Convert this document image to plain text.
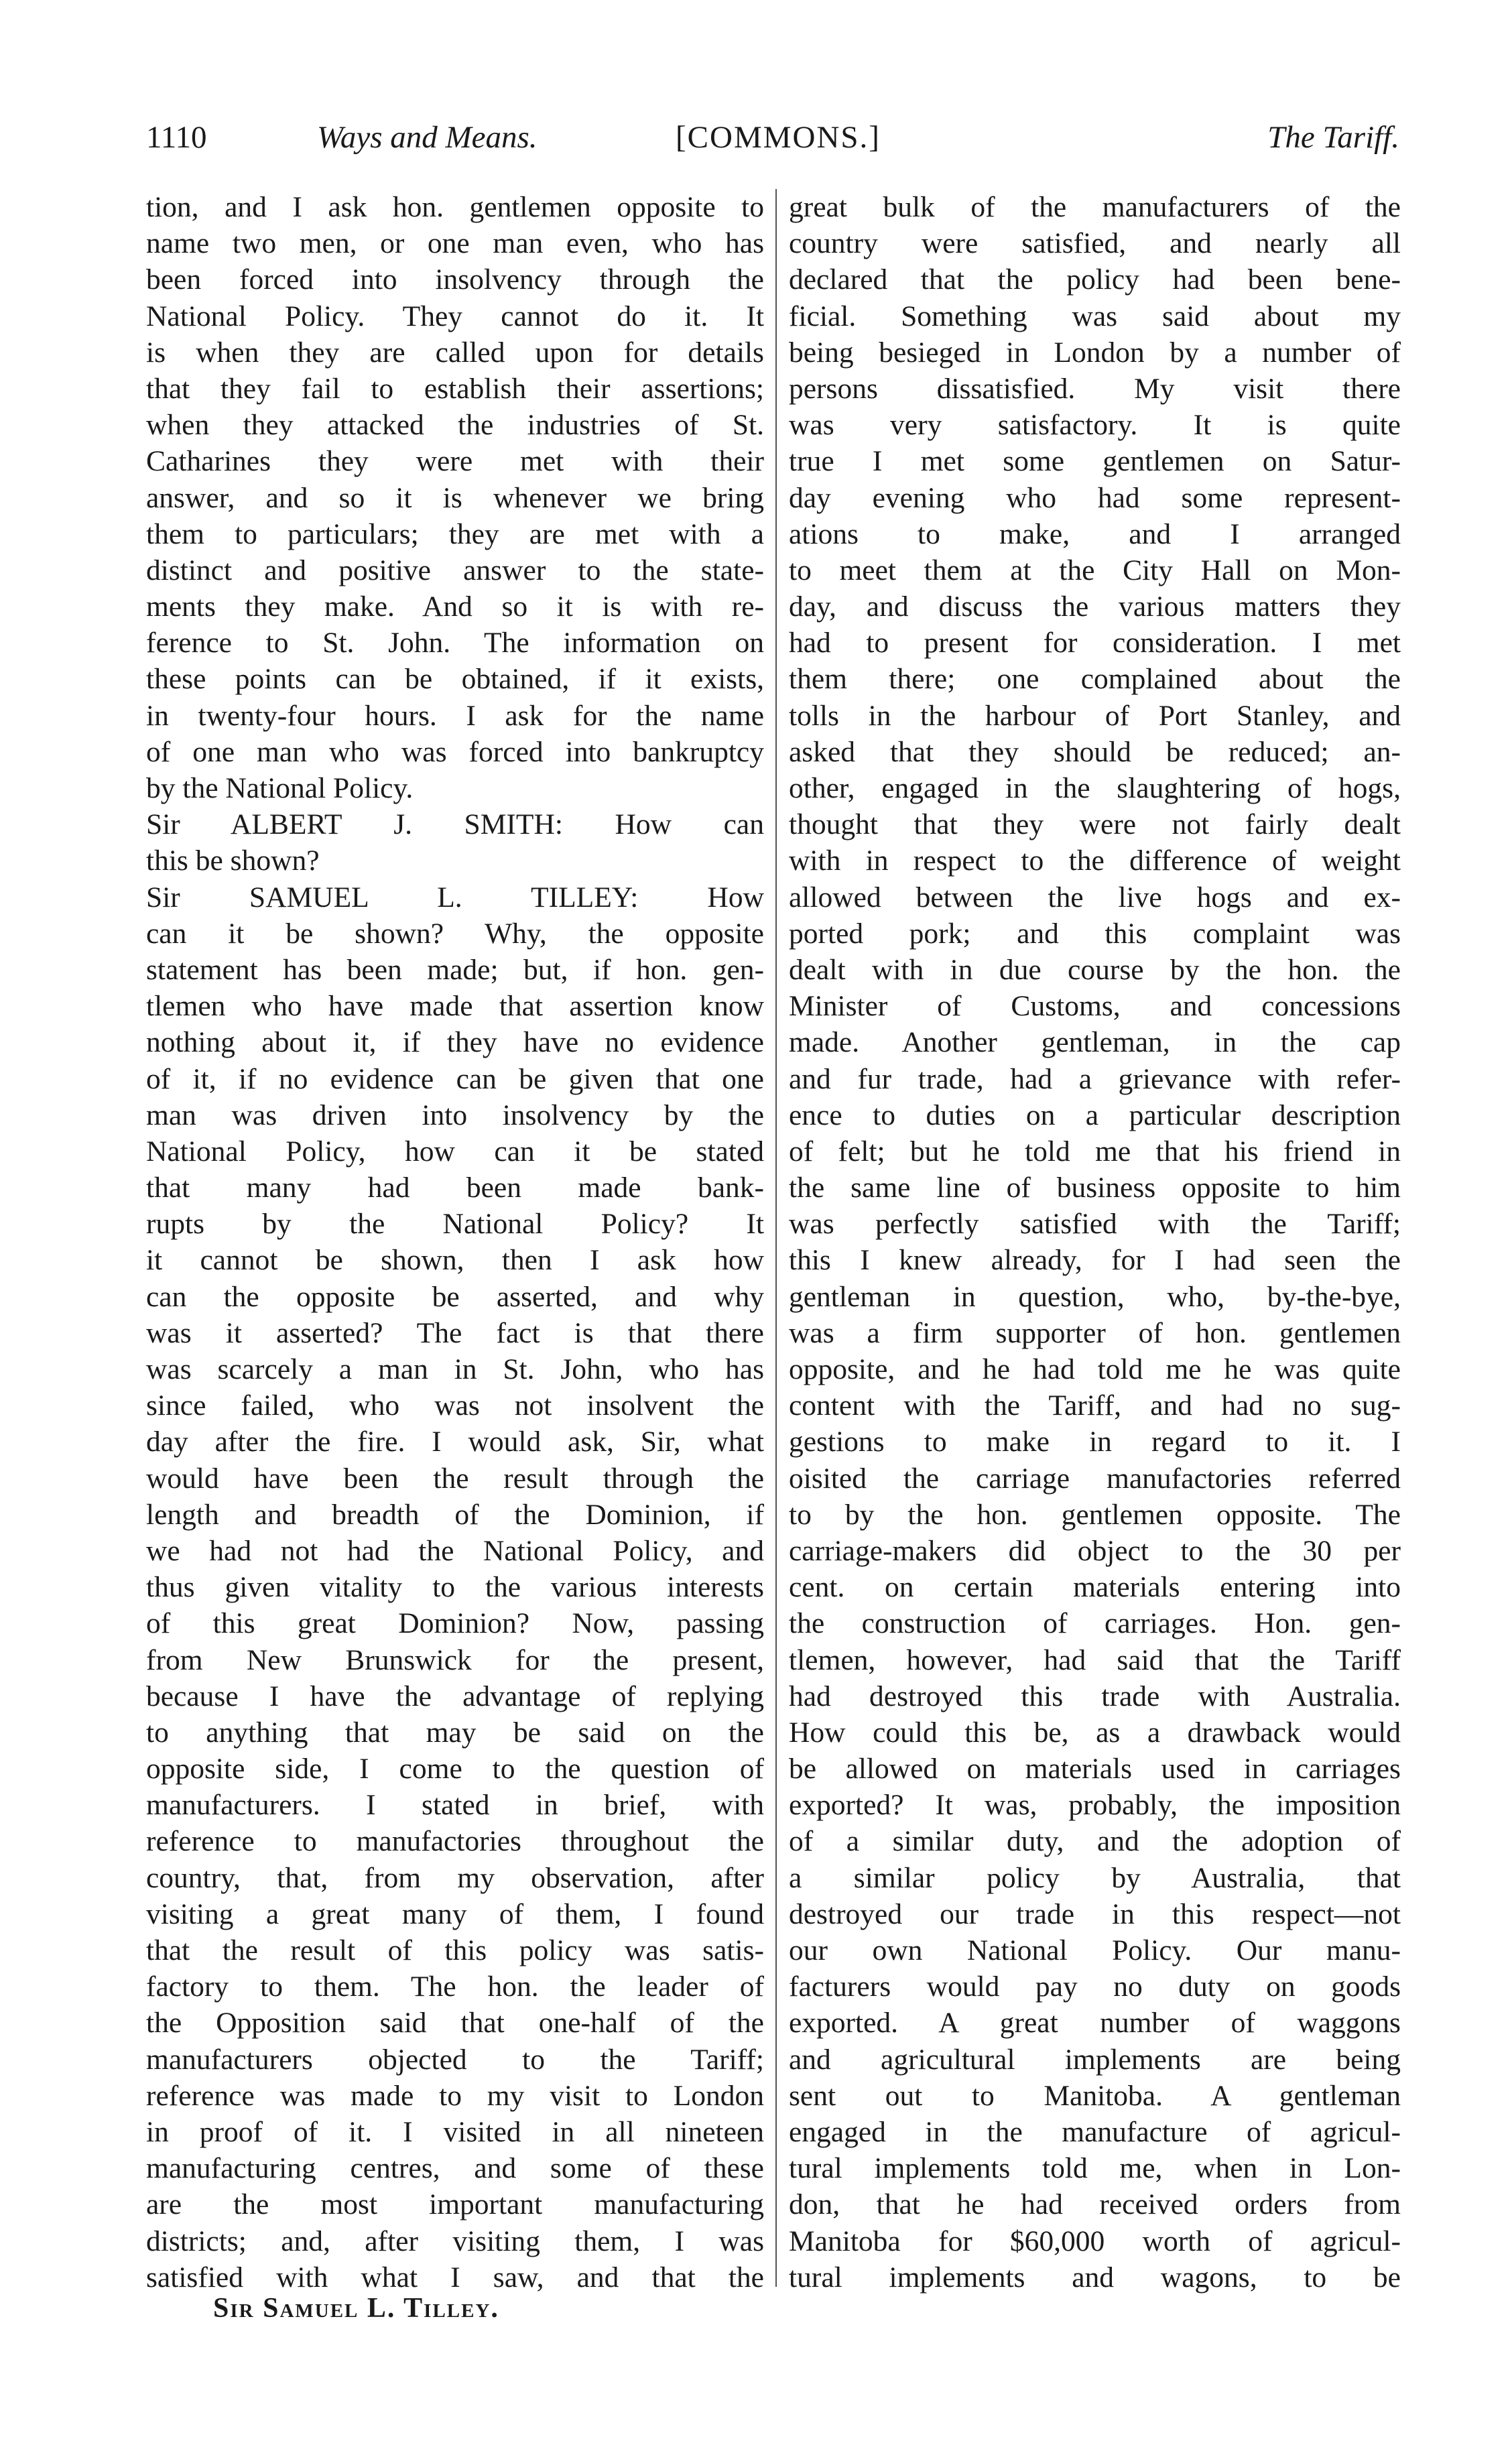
1110	Ways and Means.	[COMMONS.]	The Tariff.
tion, and I ask hon. gentlemen opposite to
name two men, or one man even, who has
been forced into insolvency through the
National Policy. They cannot do it. It
is when they are called upon for details
that they fail to establish their assertions;
when they attacked the industries of St.
Catharines they were met with their
answer, and so it is whenever we bring
them to particulars; they are met with a
distinct and positive answer to the state-
ments they make. And so it is with re-
ference to St. John. The information on
these points can be obtained, if it exists,
in twenty-four hours. I ask for the name
of one man who was forced into bankruptcy
by the National Policy.
Sir ALBERT J. SMITH: How can
this be shown?
Sir SAMUEL L. TILLEY: How
can it be shown? Why, the opposite
statement has been made; but, if hon. gen-
tlemen who have made that assertion know
nothing about it, if they have no evidence
of it, if no evidence can be given that one
man was driven into insolvency by the
National Policy, how can it be stated
that many had been made bank-
rupts by the National Policy? It
it cannot be shown, then I ask how
can the opposite be asserted, and why
was it asserted? The fact is that there
was scarcely a man in St. John, who has
since failed, who was not insolvent the
day after the fire. I would ask, Sir, what
would have been the result through the
length and breadth of the Dominion, if
we had not had the National Policy, and
thus given vitality to the various interests
of this great Dominion? Now, passing
from New Brunswick for the present,
because I have the advantage of replying
to anything that may be said on the
opposite side, I come to the question of
manufacturers. I stated in brief, with
reference to manufactories throughout the
country, that, from my observation, after
visiting a great many of them, I found
that the result of this policy was satis-
factory to them. The hon. the leader of
the Opposition said that one-half of the
manufacturers objected to the Tariff;
reference was made to my visit to London
in proof of it. I visited in all nineteen
manufacturing centres, and some of these
are the most important manufacturing
districts; and, after visiting them, I was
satisfied with what I saw, and that the
great bulk of the manufacturers of the
country were satisfied, and nearly all
declared that the policy had been bene-
ficial. Something was said about my
being besieged in London by a number of
persons dissatisfied. My visit there
was very satisfactory. It is quite
true I met some gentlemen on Satur-
day evening who had some represent-
ations to make, and I arranged
to meet them at the City Hall on Mon-
day, and discuss the various matters they
had to present for consideration. I met
them there; one complained about the
tolls in the harbour of Port Stanley, and
asked that they should be reduced; an-
other, engaged in the slaughtering of hogs,
thought that they were not fairly dealt
with in respect to the difference of weight
allowed between the live hogs and ex-
ported pork; and this complaint was
dealt with in due course by the hon. the
Minister of Customs, and concessions
made. Another gentleman, in the cap
and fur trade, had a grievance with refer-
ence to duties on a particular description
of felt; but he told me that his friend in
the same line of business opposite to him
was perfectly satisfied with the Tariff;
this I knew already, for I had seen the
gentleman in question, who, by-the-bye,
was a firm supporter of hon. gentlemen
opposite, and he had told me he was quite
content with the Tariff, and had no sug-
gestions to make in regard to it. I
oisited the carriage manufactories referred
to by the hon. gentlemen opposite. The
carriage-makers did object to the 30 per
cent. on certain materials entering into
the construction of carriages. Hon. gen-
tlemen, however, had said that the Tariff
had destroyed this trade with Australia.
How could this be, as a drawback would
be allowed on materials used in carriages
exported? It was, probably, the imposition
of a similar duty, and the adoption of
a similar policy by Australia, that
destroyed our trade in this respect—not
our own National Policy. Our manu-
facturers would pay no duty on goods
exported. A great number of waggons
and agricultural implements are being
sent out to Manitoba. A gentleman
engaged in the manufacture of agricul-
tural implements told me, when in Lon-
don, that he had received orders from
Manitoba for $60,000 worth of agricul-
tural implements and wagons, to be
Sir Samuel L. Tilley.
